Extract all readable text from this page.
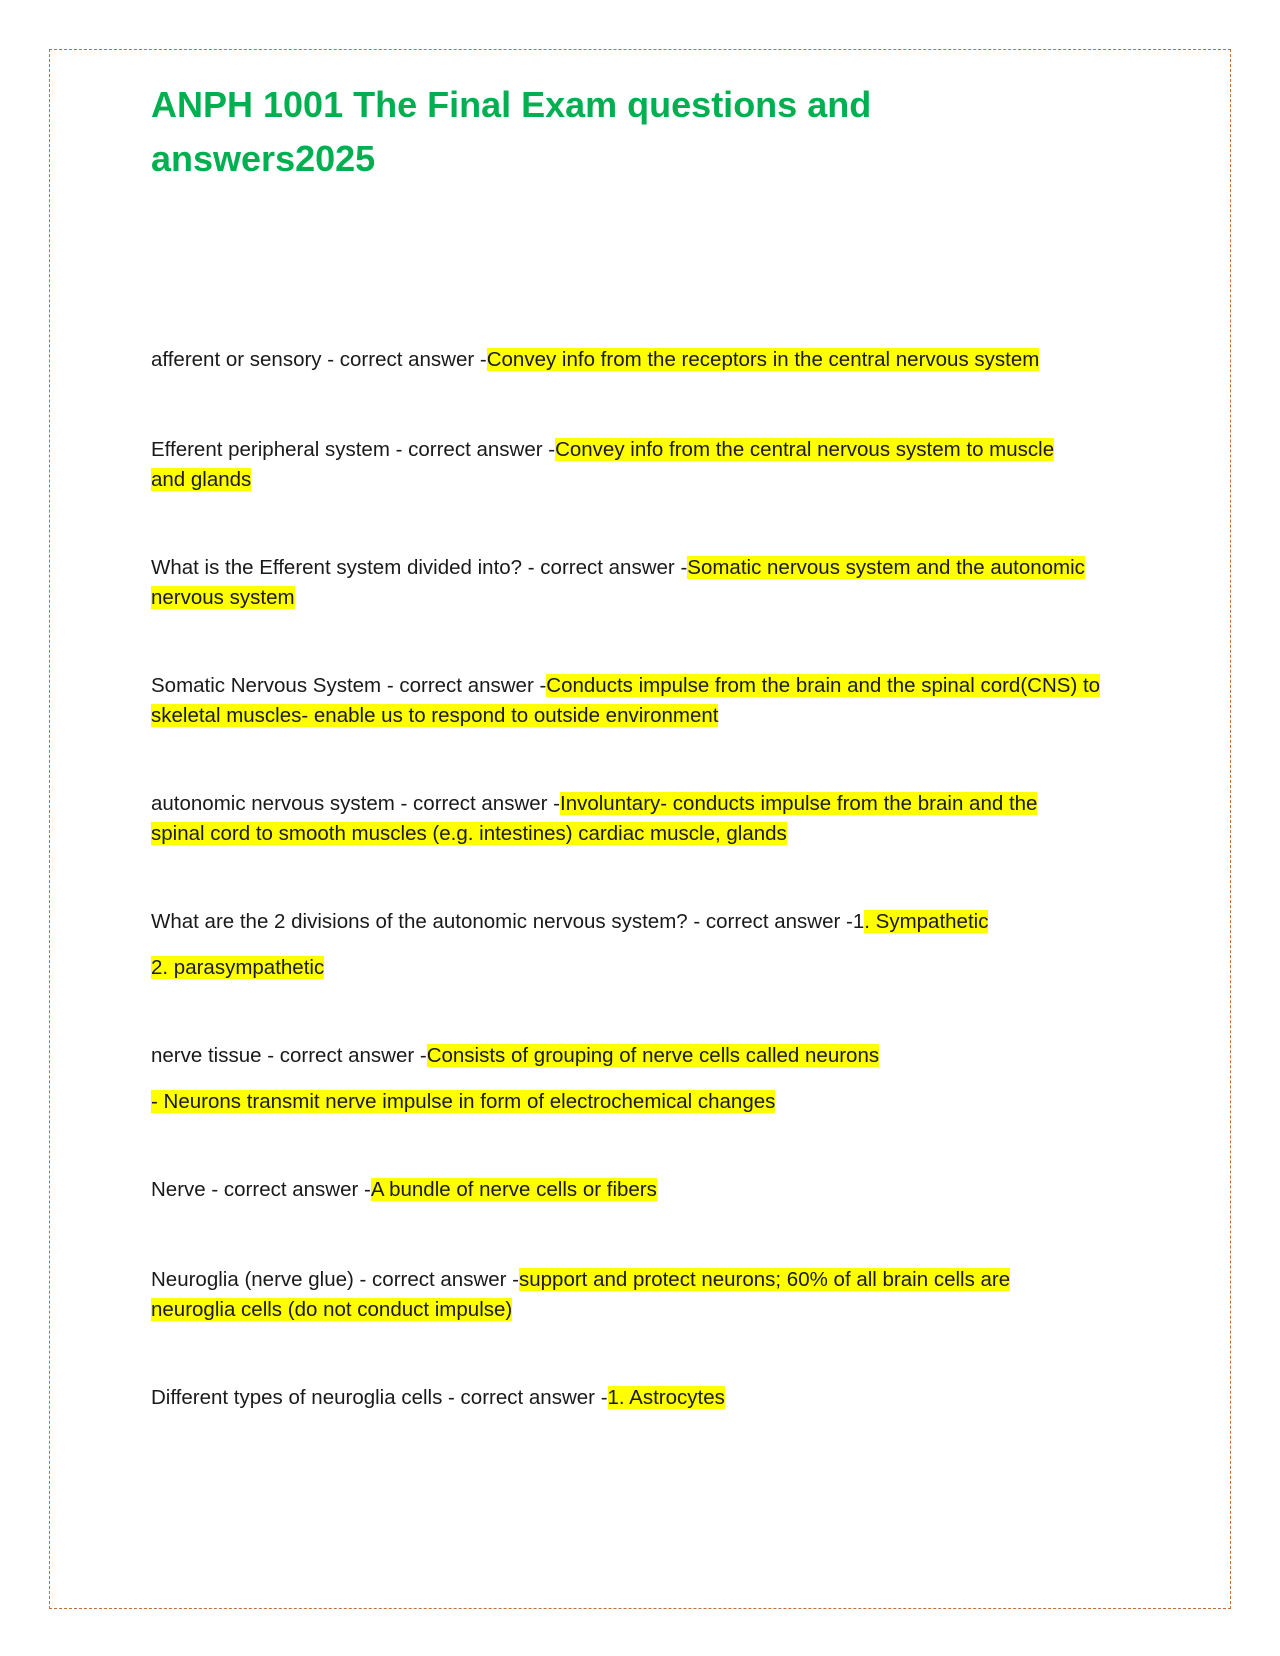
ANPH 1001 The Final Exam questions and
answers2025
afferent or sensory - correct answer -Convey info from the receptors in the central nervous system
Efferent peripheral system - correct answer -Convey info from the central nervous system to muscle
and glands
What is the Efferent system divided into? - correct answer -Somatic nervous system and the autonomic
nervous system
Somatic Nervous System - correct answer -Conducts impulse from the brain and the spinal cord(CNS) to
skeletal muscles- enable us to respond to outside environment
autonomic nervous system - correct answer -Involuntary- conducts impulse from the brain and the
spinal cord to smooth muscles (e.g. intestines) cardiac muscle, glands
What are the 2 divisions of the autonomic nervous system? - correct answer -1. Sympathetic
2. parasympathetic
nerve tissue - correct answer -Consists of grouping of nerve cells called neurons
- Neurons transmit nerve impulse in form of electrochemical changes
Nerve - correct answer -A bundle of nerve cells or fibers
Neuroglia (nerve glue) - correct answer -support and protect neurons; 60% of all brain cells are
neuroglia cells (do not conduct impulse)
Different types of neuroglia cells - correct answer -1. Astrocytes
